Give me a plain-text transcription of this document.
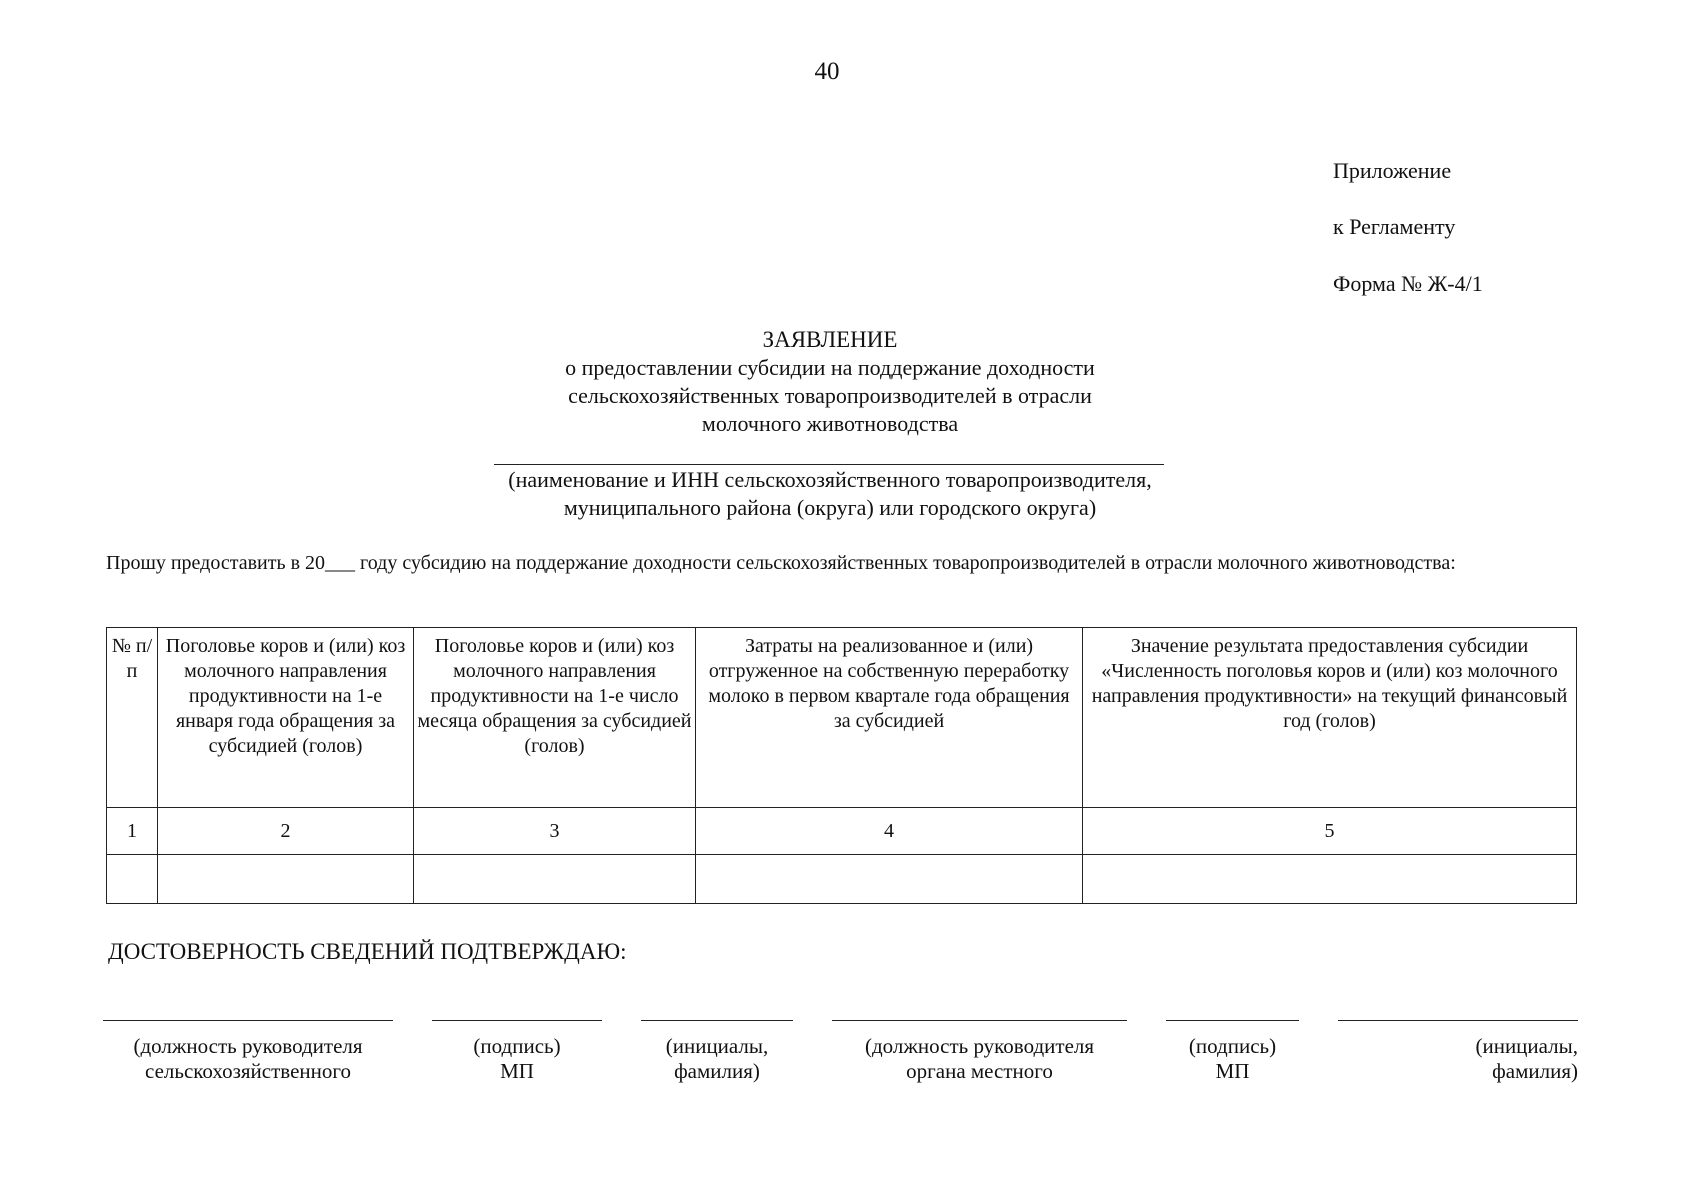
40
Приложение
к Регламенту
Форма № Ж-4/1
ЗАЯВЛЕНИЕ
о предоставлении субсидии на поддержание доходности
сельскохозяйственных товаропроизводителей в отрасли
молочного животноводства
(наименование и ИНН сельскохозяйственного товаропроизводителя,
муниципального района (округа) или городского округа)
Прошу предоставить в 20___ году субсидию на поддержание доходности сельскохозяйственных товаропроизводителей в отрасли молочного животноводства:
№ п/п	Поголовье коров и (или) коз молочного направления продуктивности на 1-е января года обращения за субсидией (голов)	Поголовье коров и (или) коз молочного направления продуктивности на 1-е число месяца обращения за субсидией (голов)	Затраты на реализованное и (или) отгруженное на собственную переработку молоко в первом квартале года обращения за субсидией	Значение результата предоставления субсидии «Численность поголовья коров и (или) коз молочного направления продуктивности» на текущий финансовый год (голов)
1	2	3	4	5

ДОСТОВЕРНОСТЬ СВЕДЕНИЙ ПОДТВЕРЖДАЮ:
(должность руководителя
сельскохозяйственного
(подпись)
МП
(инициалы,
фамилия)
(должность руководителя
органа местного
(подпись)
МП
(инициалы,
фамилия)
